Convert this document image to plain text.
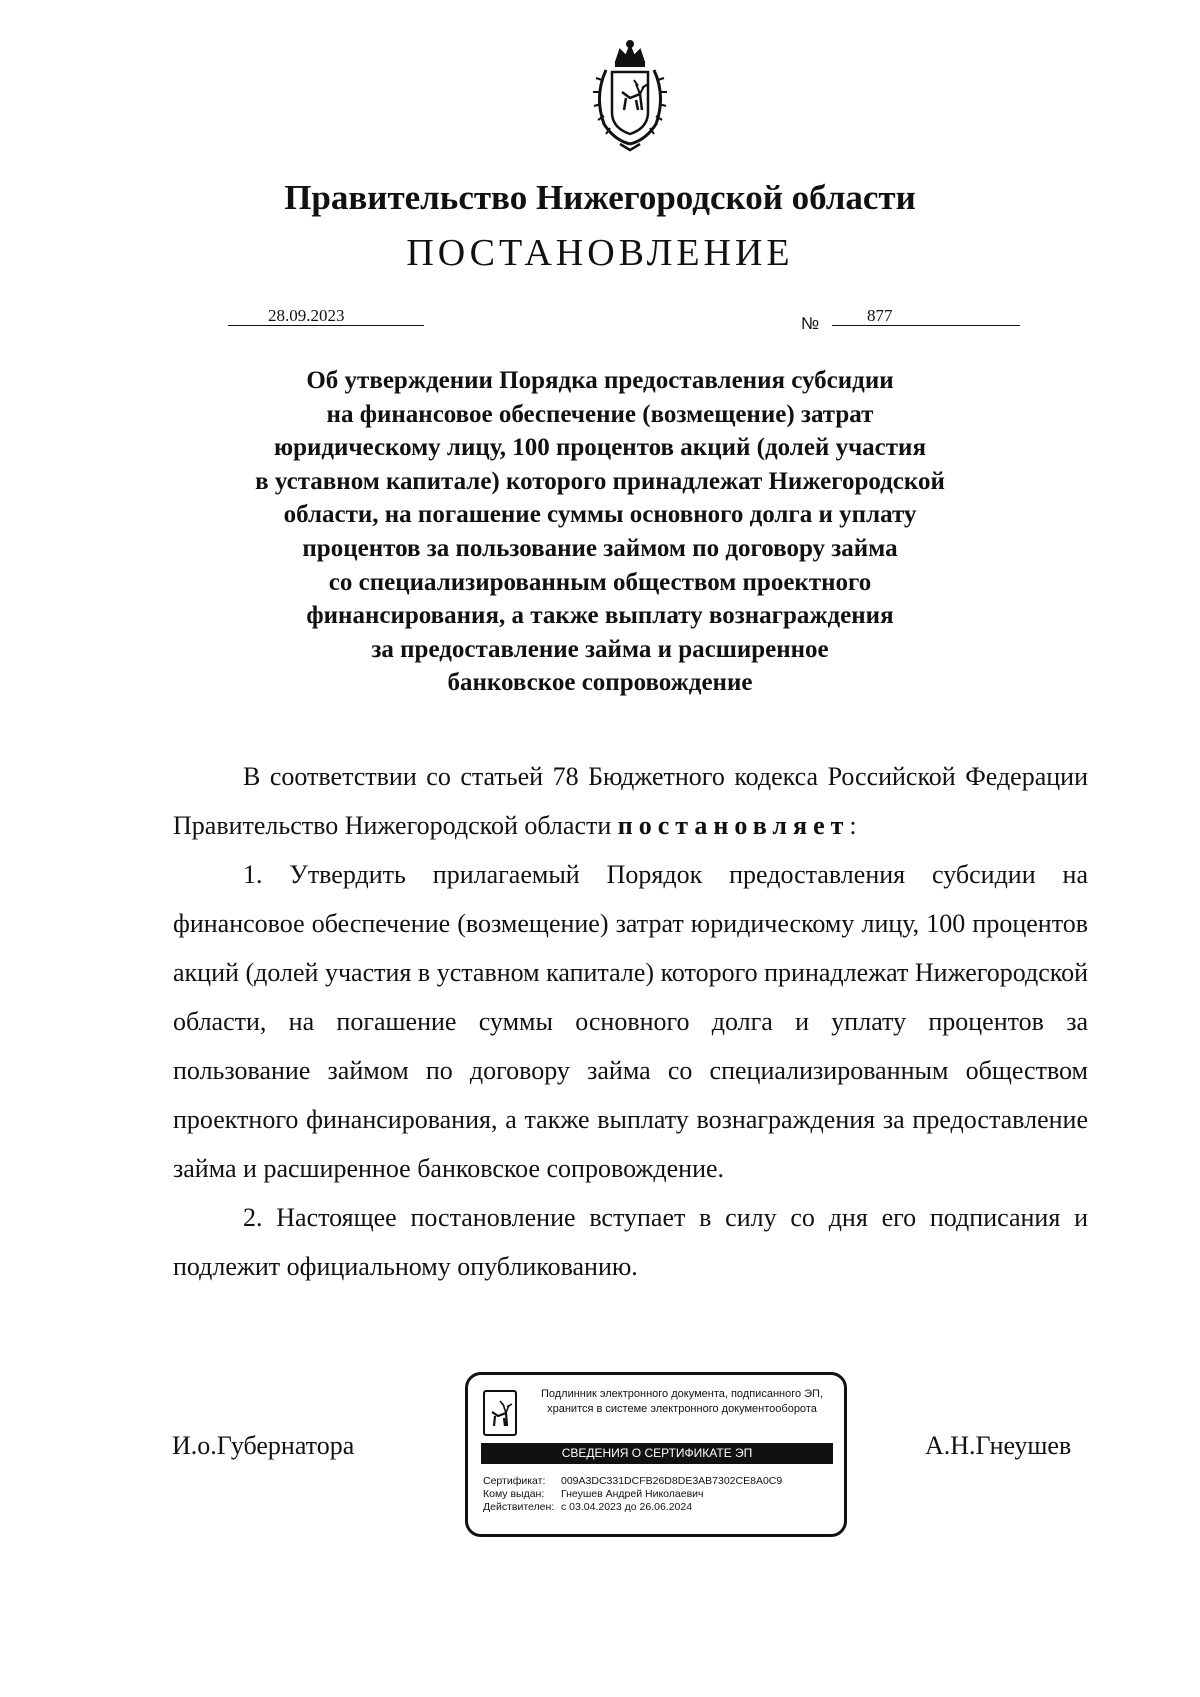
Правительство Нижегородской области
ПОСТАНОВЛЕНИЕ
28.09.2023	№	877
Об утверждении Порядка предоставления субсидии
на финансовое обеспечение (возмещение) затрат
юридическому лицу, 100 процентов акций (долей участия
в уставном капитале) которого принадлежат Нижегородской
области, на погашение суммы основного долга и уплату
процентов за пользование займом по договору займа
со специализированным обществом проектного
финансирования, а также выплату вознаграждения
за предоставление займа и расширенное
банковское сопровождение

В соответствии со статьей 78 Бюджетного кодекса Российской Федерации Правительство Нижегородской области постановляет:

1. Утвердить прилагаемый Порядок предоставления субсидии на финансовое обеспечение (возмещение) затрат юридическому лицу, 100 процентов акций (долей участия в уставном капитале) которого принадлежат Нижегородской области, на погашение суммы основного долга и уплату процентов за пользование займом по договору займа со специализированным обществом проектного финансирования, а также выплату вознаграждения за предоставление займа и расширенное банковское сопровождение.

2. Настоящее постановление вступает в силу со дня его подписания и подлежит официальному опубликованию.

И.о.Губернатора	А.Н.Гнеушев
Подлинник электронного документа, подписанного ЭП,
хранится в системе электронного документооборота
СВЕДЕНИЯ О СЕРТИФИКАТЕ ЭП
Сертификат: 009A3DC331DCFB26D8DE3AB7302CE8A0C9
Кому выдан: Гнеушев Андрей Николаевич
Действителен: с 03.04.2023 до 26.06.2024
